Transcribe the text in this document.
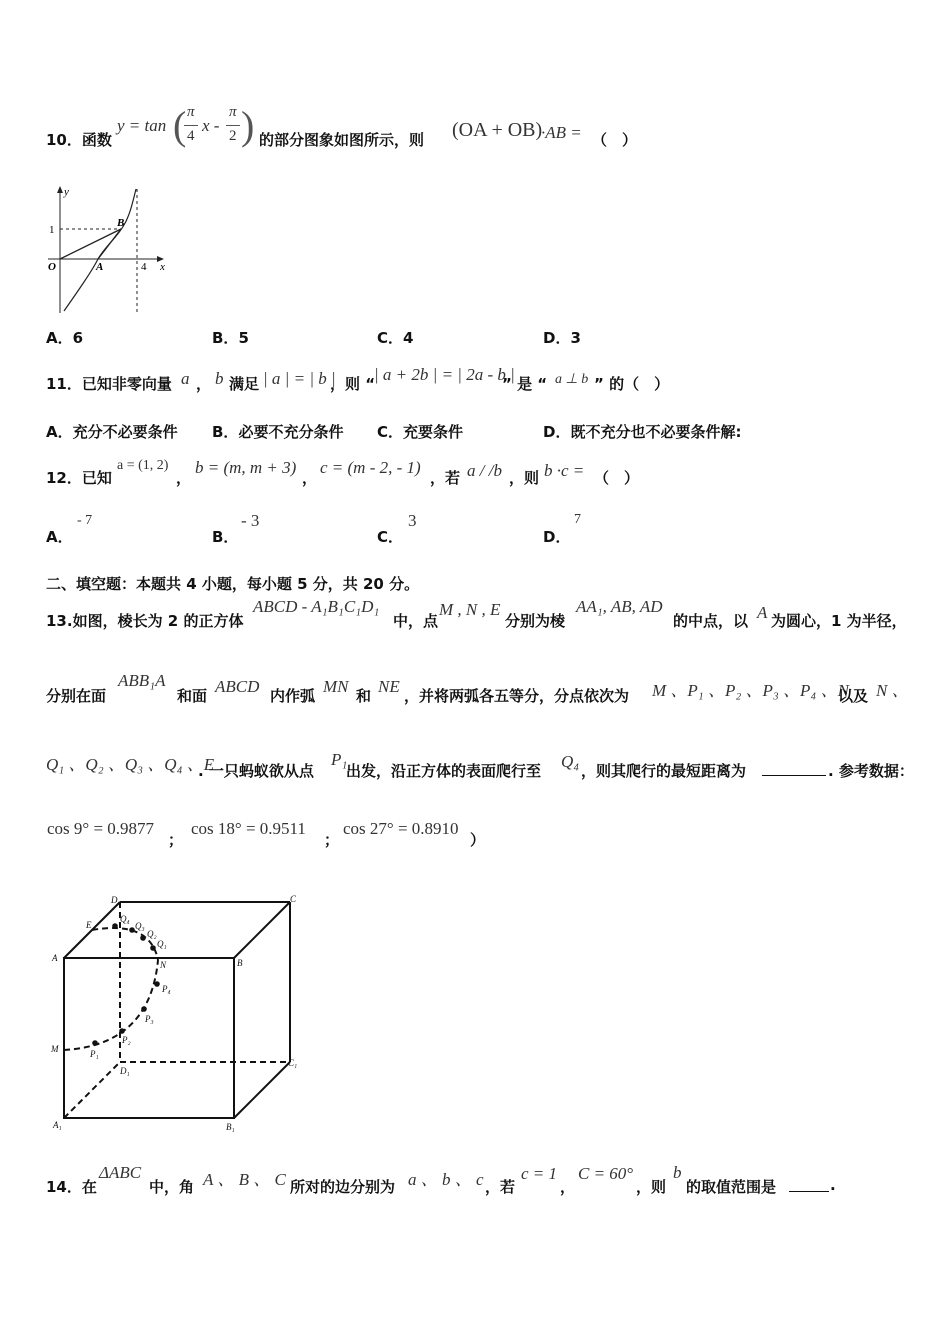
10．函数
y = tan ( π
4
x -
π
2 ) 的部分图象如图所示，则 (OA + OB)
·AB = （　）
y
x
O	A
B
1
4
A．6	B．5	C．4	D．3
11．已知非零向量 a ， b 满足 | a | = | b |
，则 “
| a + 2b | = | 2a - b |
” 是 “ a ⊥ b ” 的（　）
A．充分不必要条件 B．必要不充分条件 C．充要条件	D．既不充分也不必要条件解:
12．已知
a = (1, 2)
，
b = (m, m + 3)
，
c = (m - 2, - 1)
，若 a / /b ，则 b ·c = （　）
A．
- 7
B．
- 3
C．
3
D．
7
二、填空题：本题共 4 小题，每小题 5 分，共 20 分。
13.如图，棱长为 2 的正方体
ABCD - A₁B₁C₁D₁
中，点
M , N , E
分别为棱
AA₁, AB, AD
的中点，以 A 为圆心，1 为半径，
分别在面
ABB₁A
和面 ABCD 内作弧 MN 和 NE ，并将两弧各五等分，分点依次为 M 、P₁ 、P₂ 、P₃ 、P₄ 、N
以及 N 、
Q₁ 、Q₂ 、Q₃ 、Q₄ 、E
. 一只蚂蚁欲从点
P₁
出发，沿正方体的表面爬行至 Q₄ ，则其爬行的最短距离为	. 参考数据：
cos 9° = 0.9877
；
cos 18° = 0.9511
；
cos 27° = 0.8910
）
D	C
E
Q₄
Q₃
Q₂
Q₁
A	B
N
P₄
P₃
M	P₁
P₂
D₁
C₁
A₁	B₁
14．在
ΔABC
中，角 A 、 B 、 C 所对的边分别为 a 、 b 、 c ，若
c = 1
，
C = 60°
，则
b
的取值范围是	.
